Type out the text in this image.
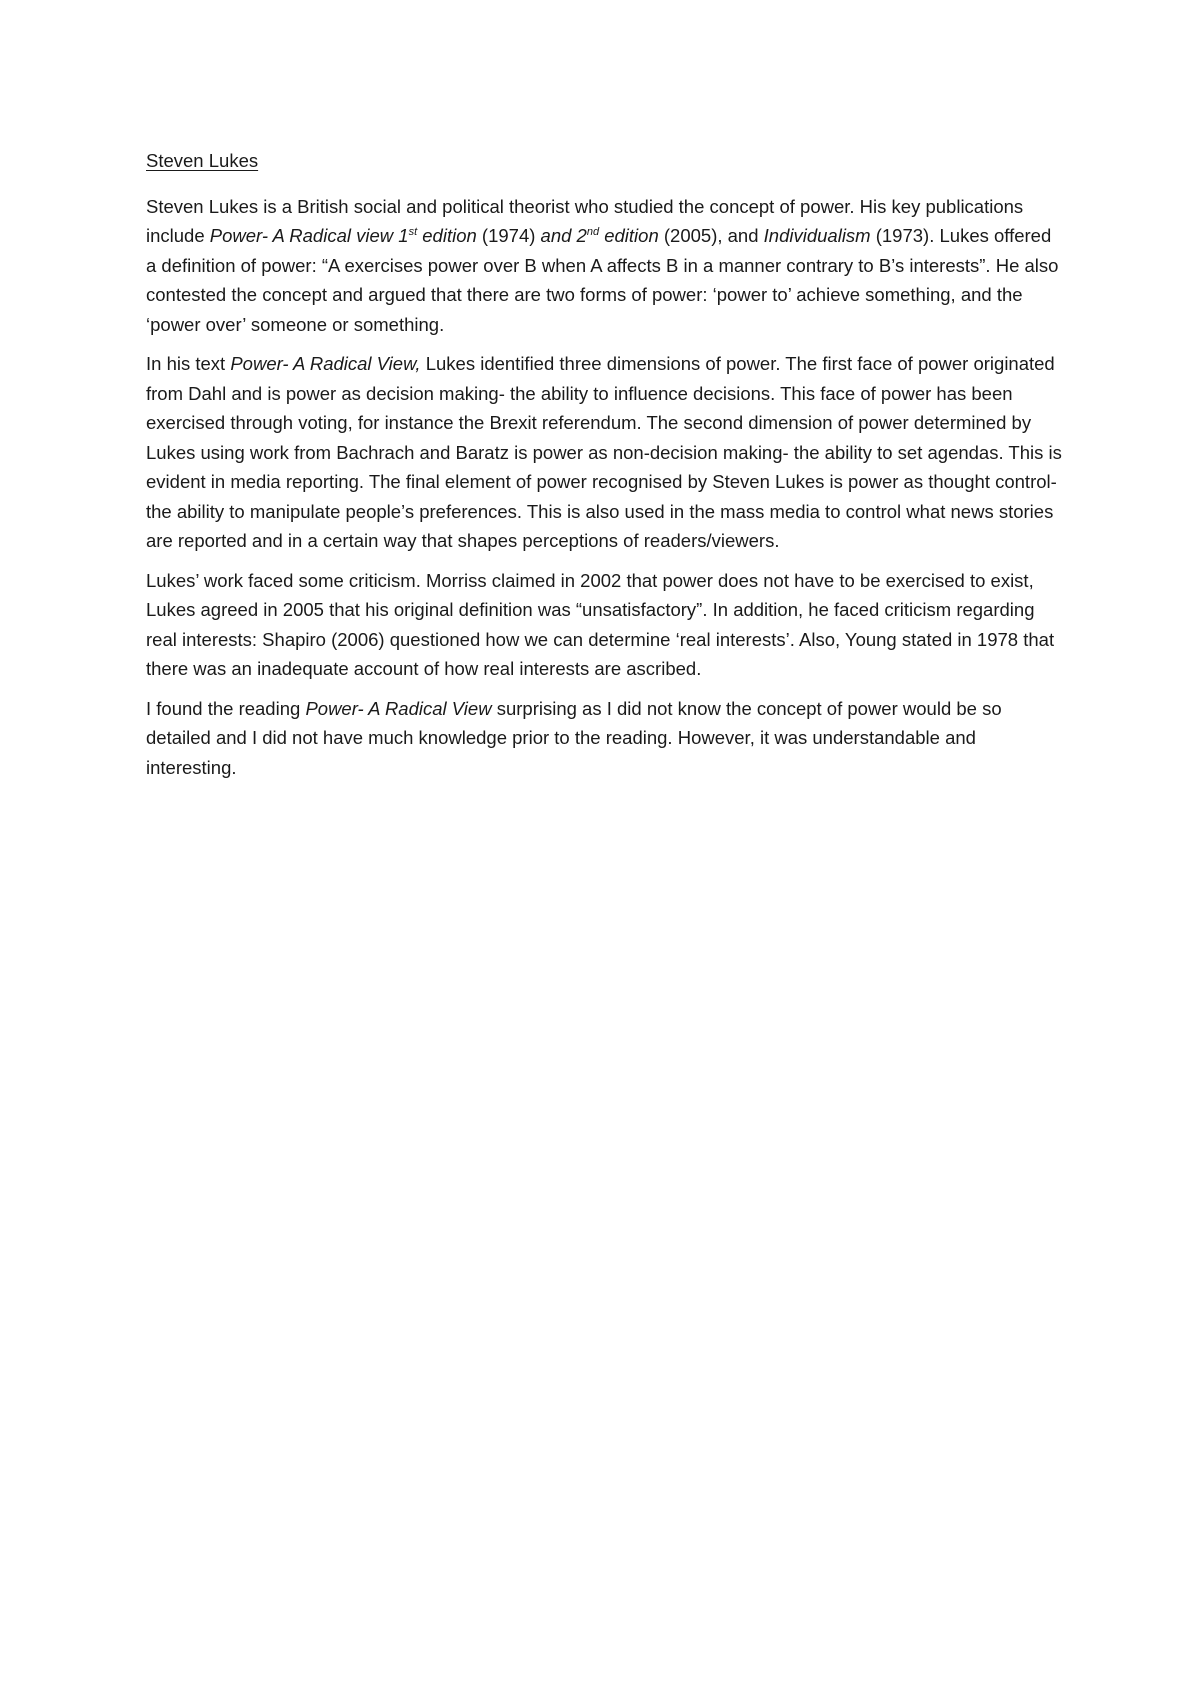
Steven Lukes

Steven Lukes is a British social and political theorist who studied the concept of power. His key publications include Power- A Radical view 1st edition (1974) and 2nd edition (2005), and Individualism (1973). Lukes offered a definition of power: “A exercises power over B when A affects B in a manner contrary to B’s interests”. He also contested the concept and argued that there are two forms of power: ‘power to’ achieve something, and the ‘power over’ someone or something.

In his text Power- A Radical View, Lukes identified three dimensions of power. The first face of power originated from Dahl and is power as decision making- the ability to influence decisions. This face of power has been exercised through voting, for instance the Brexit referendum. The second dimension of power determined by Lukes using work from Bachrach and Baratz is power as non-decision making- the ability to set agendas. This is evident in media reporting. The final element of power recognised by Steven Lukes is power as thought control- the ability to manipulate people’s preferences. This is also used in the mass media to control what news stories are reported and in a certain way that shapes perceptions of readers/viewers.

Lukes’ work faced some criticism. Morriss claimed in 2002 that power does not have to be exercised to exist, Lukes agreed in 2005 that his original definition was “unsatisfactory”. In addition, he faced criticism regarding real interests: Shapiro (2006) questioned how we can determine ‘real interests’. Also, Young stated in 1978 that there was an inadequate account of how real interests are ascribed.

I found the reading Power- A Radical View surprising as I did not know the concept of power would be so detailed and I did not have much knowledge prior to the reading. However, it was understandable and interesting.
